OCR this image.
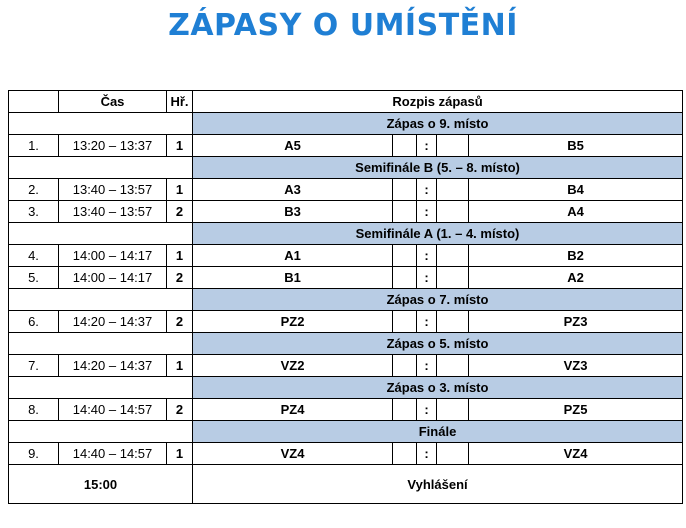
ZÁPASY O UMÍSTĚNÍ
	Čas	Hř.	Rozpis zápasů				
			Zápas o 9. místo				
1.	13:20 – 13:37	1	A5		:		B5
			Semifinále B (5. – 8. místo)				
2.	13:40 – 13:57	1	A3		:		B4
3.	13:40 – 13:57	2	B3		:		A4
			Semifinále A (1. – 4. místo)				
4.	14:00 – 14:17	1	A1		:		B2
5.	14:00 – 14:17	2	B1		:		A2
			Zápas o 7. místo				
6.	14:20 – 14:37	2	PZ2		:		PZ3
			Zápas o 5. místo				
7.	14:20 – 14:37	1	VZ2		:		VZ3
			Zápas o 3. místo				
8.	14:40 – 14:57	2	PZ4		:		PZ5
			Finále				
9.	14:40 – 14:57	1	VZ4		:		VZ4
15:00			Vyhlášení				
